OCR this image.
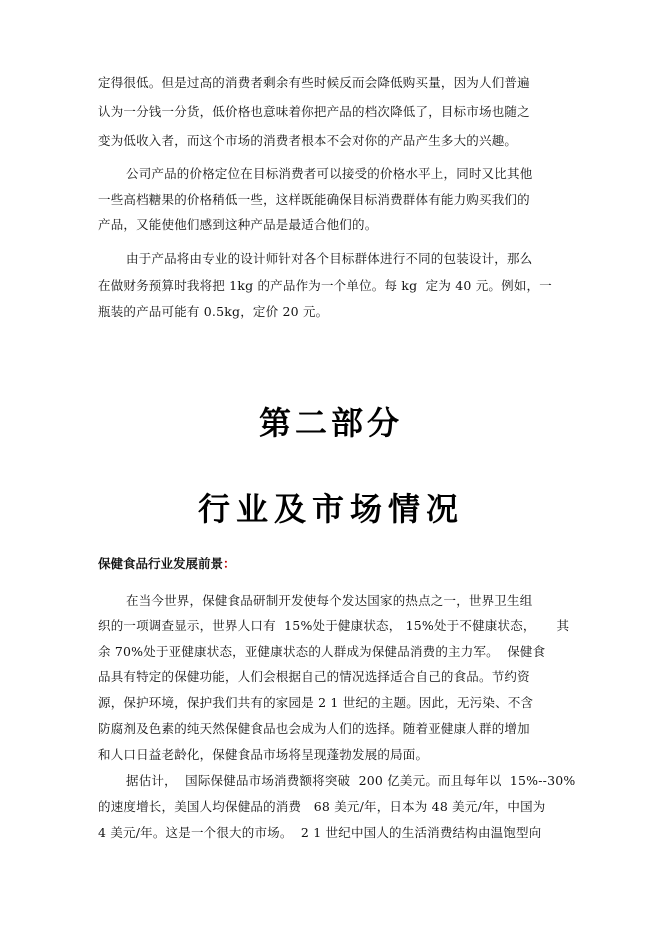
定得很低。但是过高的消费者剩余有些时候反而会降低购买量，因为人们普遍
认为一分钱一分货，低价格也意味着你把产品的档次降低了，目标市场也随之
变为低收入者，而这个市场的消费者根本不会对你的产品产生多大的兴趣。
公司产品的价格定位在目标消费者可以接受的价格水平上，同时又比其他
一些高档糖果的价格稍低一些，这样既能确保目标消费群体有能力购买我们的
产品，又能使他们感到这种产品是最适合他们的。
由于产品将由专业的设计师针对各个目标群体进行不同的包装设计，那么
在做财务预算时我将把 1kg 的产品作为一个单位。每 kg  定为 40 元。例如，一
瓶装的产品可能有 0.5kg，定价 20 元。
第二部分
行业及市场情况
保健食品行业发展前景：
在当今世界，保健食品研制开发使每个发达国家的热点之一，世界卫生组
织的一项调查显示，世界人口有  15%处于健康状态， 15%处于不健康状态，     其
余 70%处于亚健康状态，亚健康状态的人群成为保健品消费的主力军。  保健食
品具有特定的保健功能，人们会根据自己的情况选择适合自己的食品。节约资
源，保护环境，保护我们共有的家园是 2 1 世纪的主题。因此，无污染、不含
防腐剂及色素的纯天然保健食品也会成为人们的选择。随着亚健康人群的增加
和人口日益老龄化，保健食品市场将呈现蓬勃发展的局面。
据估计，  国际保健品市场消费额将突破  200 亿美元。而且每年以  15%--30%
的速度增长，美国人均保健品的消费   68 美元/年，日本为 48 美元/年，中国为
4 美元/年。这是一个很大的市场。  2 1 世纪中国人的生活消费结构由温饱型向
